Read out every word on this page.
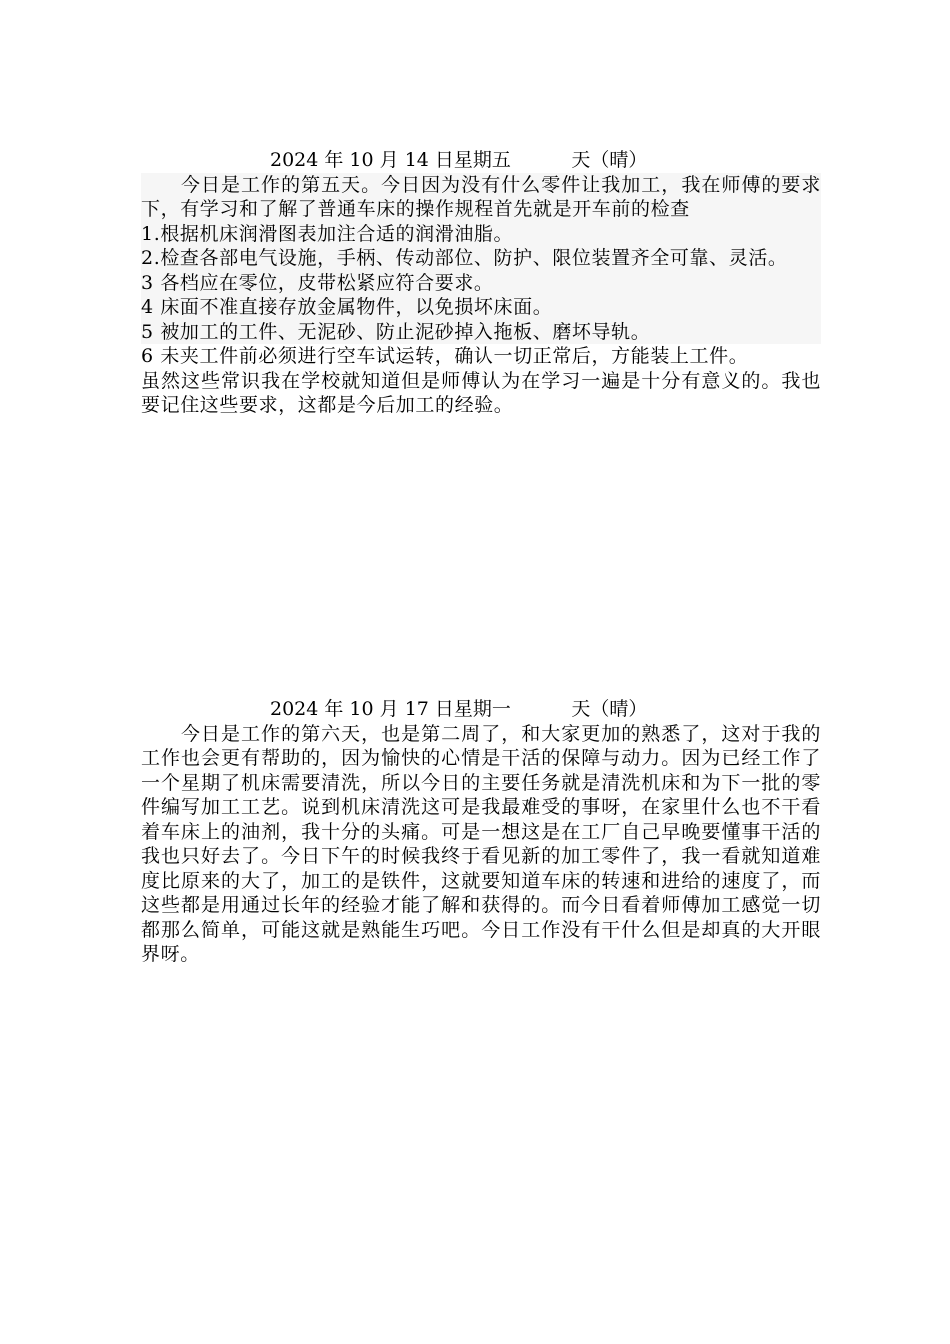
2024 年 10 月 14 日星期五	天（晴）

今日是工作的第五天。今日因为没有什么零件让我加工，我在师傅的要求下，有学习和了解了普通车床的操作规程首先就是开车前的检查

1.根据机床润滑图表加注合适的润滑油脂。

2.检查各部电气设施，手柄、传动部位、防护、限位装置齐全可靠、灵活。

3 各档应在零位，皮带松紧应符合要求。

4 床面不准直接存放金属物件，以免损坏床面。

5 被加工的工件、无泥砂、防止泥砂掉入拖板、磨坏导轨。

6 未夹工件前必须进行空车试运转，确认一切正常后，方能装上工件。

虽然这些常识我在学校就知道但是师傅认为在学习一遍是十分有意义的。我也要记住这些要求，这都是今后加工的经验。

2024 年 10 月 17 日星期一	天（晴）

今日是工作的第六天，也是第二周了，和大家更加的熟悉了，这对于我的工作也会更有帮助的，因为愉快的心情是干活的保障与动力。因为已经工作了一个星期了机床需要清洗，所以今日的主要任务就是清洗机床和为下一批的零件编写加工工艺。说到机床清洗这可是我最难受的事呀，在家里什么也不干看着车床上的油剂，我十分的头痛。可是一想这是在工厂自己早晚要懂事干活的我也只好去了。今日下午的时候我终于看见新的加工零件了，我一看就知道难度比原来的大了，加工的是铁件，这就要知道车床的转速和进给的速度了，而这些都是用通过长年的经验才能了解和获得的。而今日看着师傅加工感觉一切都那么简单，可能这就是熟能生巧吧。今日工作没有干什么但是却真的大开眼界呀。
